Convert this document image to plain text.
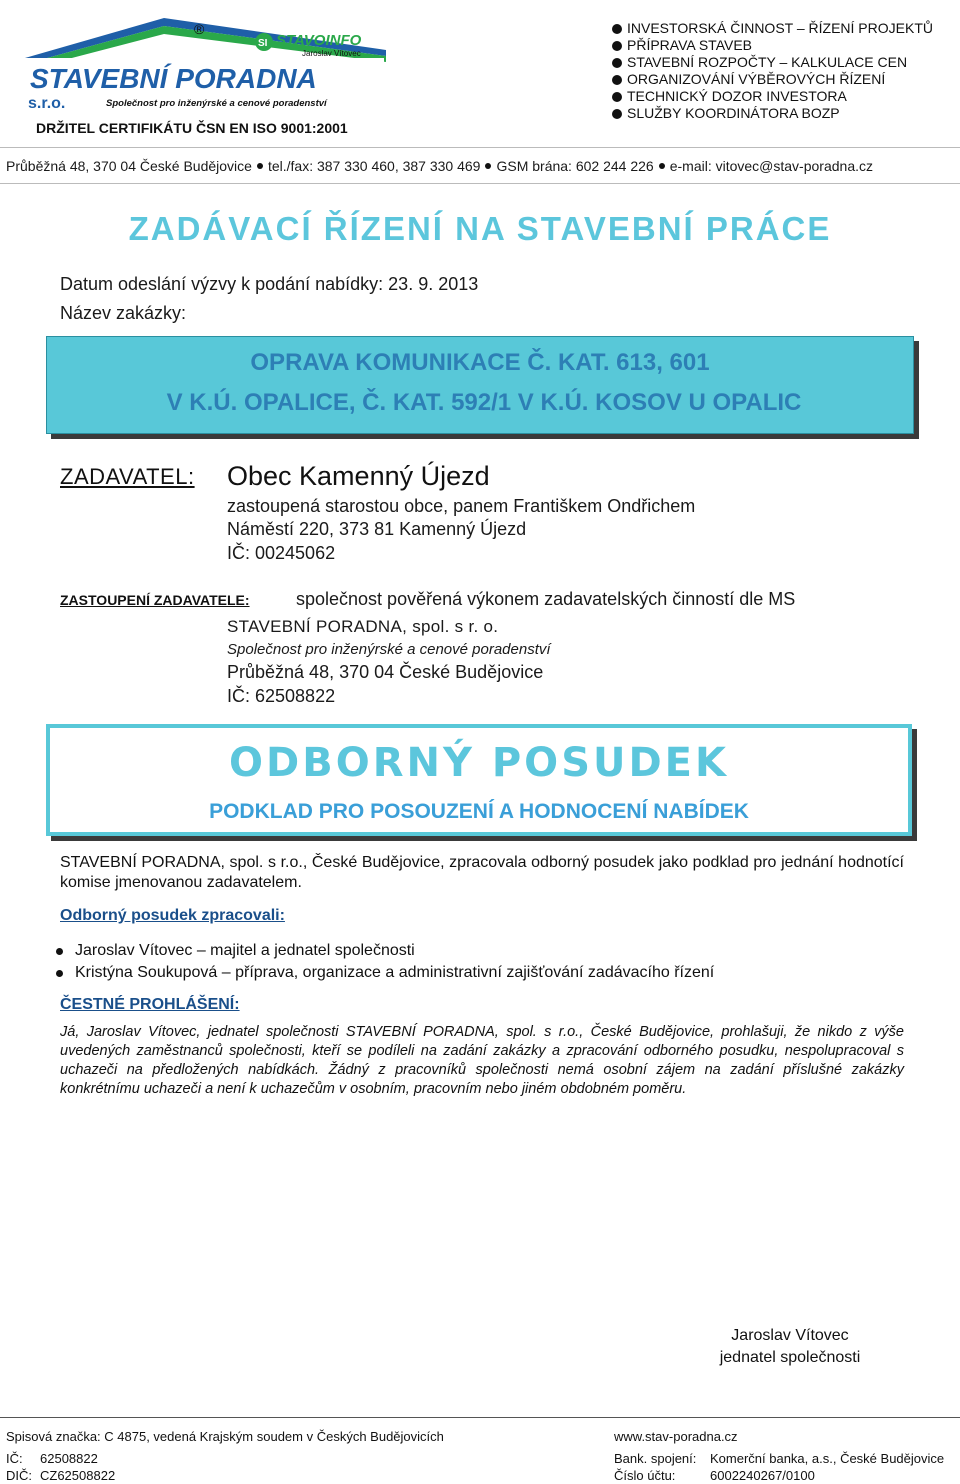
STAVEBNÍ PORADNA
s.r.o.	Společnost pro inženýrské a cenové poradenství
SI STAVOINFO
Jaroslav Vítovec
®
DRŽITEL CERTIFIKÁTU ČSN EN ISO 9001:2001
INVESTORSKÁ ČINNOST – ŘÍZENÍ PROJEKTŮ
PŘÍPRAVA STAVEB
STAVEBNÍ ROZPOČTY – KALKULACE CEN
ORGANIZOVÁNÍ VÝBĚROVÝCH ŘÍZENÍ
TECHNICKÝ DOZOR INVESTORA
SLUŽBY KOORDINÁTORA BOZP
Průběžná 48, 370 04 České Budějovice tel./fax: 387 330 460, 387 330 469 GSM brána: 602 244 226 e-mail: vitovec@stav-poradna.cz
ZADÁVACÍ ŘÍZENÍ NA STAVEBNÍ PRÁCE
Datum odeslání výzvy k podání nabídky: 23. 9. 2013
Název zakázky:
OPRAVA KOMUNIKACE Č. KAT. 613, 601
V K.Ú. OPALICE, Č. KAT. 592/1 V K.Ú. KOSOV U OPALIC
ZADAVATEL: Obec Kamenný Újezd
zastoupená starostou obce, panem Františkem Ondřichem
Náměstí 220, 373 81 Kamenný Újezd
IČ: 00245062
ZASTOUPENÍ ZADAVATELE:	společnost pověřená výkonem zadavatelských činností dle MS
STAVEBNÍ PORADNA, spol. s r. o.
Společnost pro inženýrské a cenové poradenství
Průběžná 48, 370 04 České Budějovice
IČ: 62508822
ODBORNÝ POSUDEK
PODKLAD PRO POSOUZENÍ A HODNOCENÍ NABÍDEK
STAVEBNÍ PORADNA, spol. s r.o., České Budějovice, zpracovala odborný posudek jako podklad pro jednání hodnotící komise jmenovanou zadavatelem.
Odborný posudek zpracovali:
Jaroslav Vítovec – majitel a jednatel společnosti
Kristýna Soukupová – příprava, organizace a administrativní zajišťování zadávacího řízení
ČESTNÉ PROHLÁŠENÍ:
Já, Jaroslav Vítovec, jednatel společnosti STAVEBNÍ PORADNA, spol. s r.o., České Budějovice, prohlašuji, že nikdo z výše uvedených zaměstnanců společnosti, kteří se podíleli na zadání zakázky a zpracování odborného posudku, nespolupracoval s uchazeči na předložených nabídkách. Žádný z pracovníků společnosti nemá osobní zájem na zadání příslušné zakázky konkrétnímu uchazeči a není k uchazečům v osobním, pracovním nebo jiném obdobném poměru.
Jaroslav Vítovec
jednatel společnosti
Spisová značka: C 4875, vedená Krajským soudem v Českých Budějovicích	www.stav-poradna.cz
IČ: 62508822	Bank. spojení: Komerční banka, a.s., České Budějovice
DIČ: CZ62508822	Číslo účtu:	6002240267/0100
